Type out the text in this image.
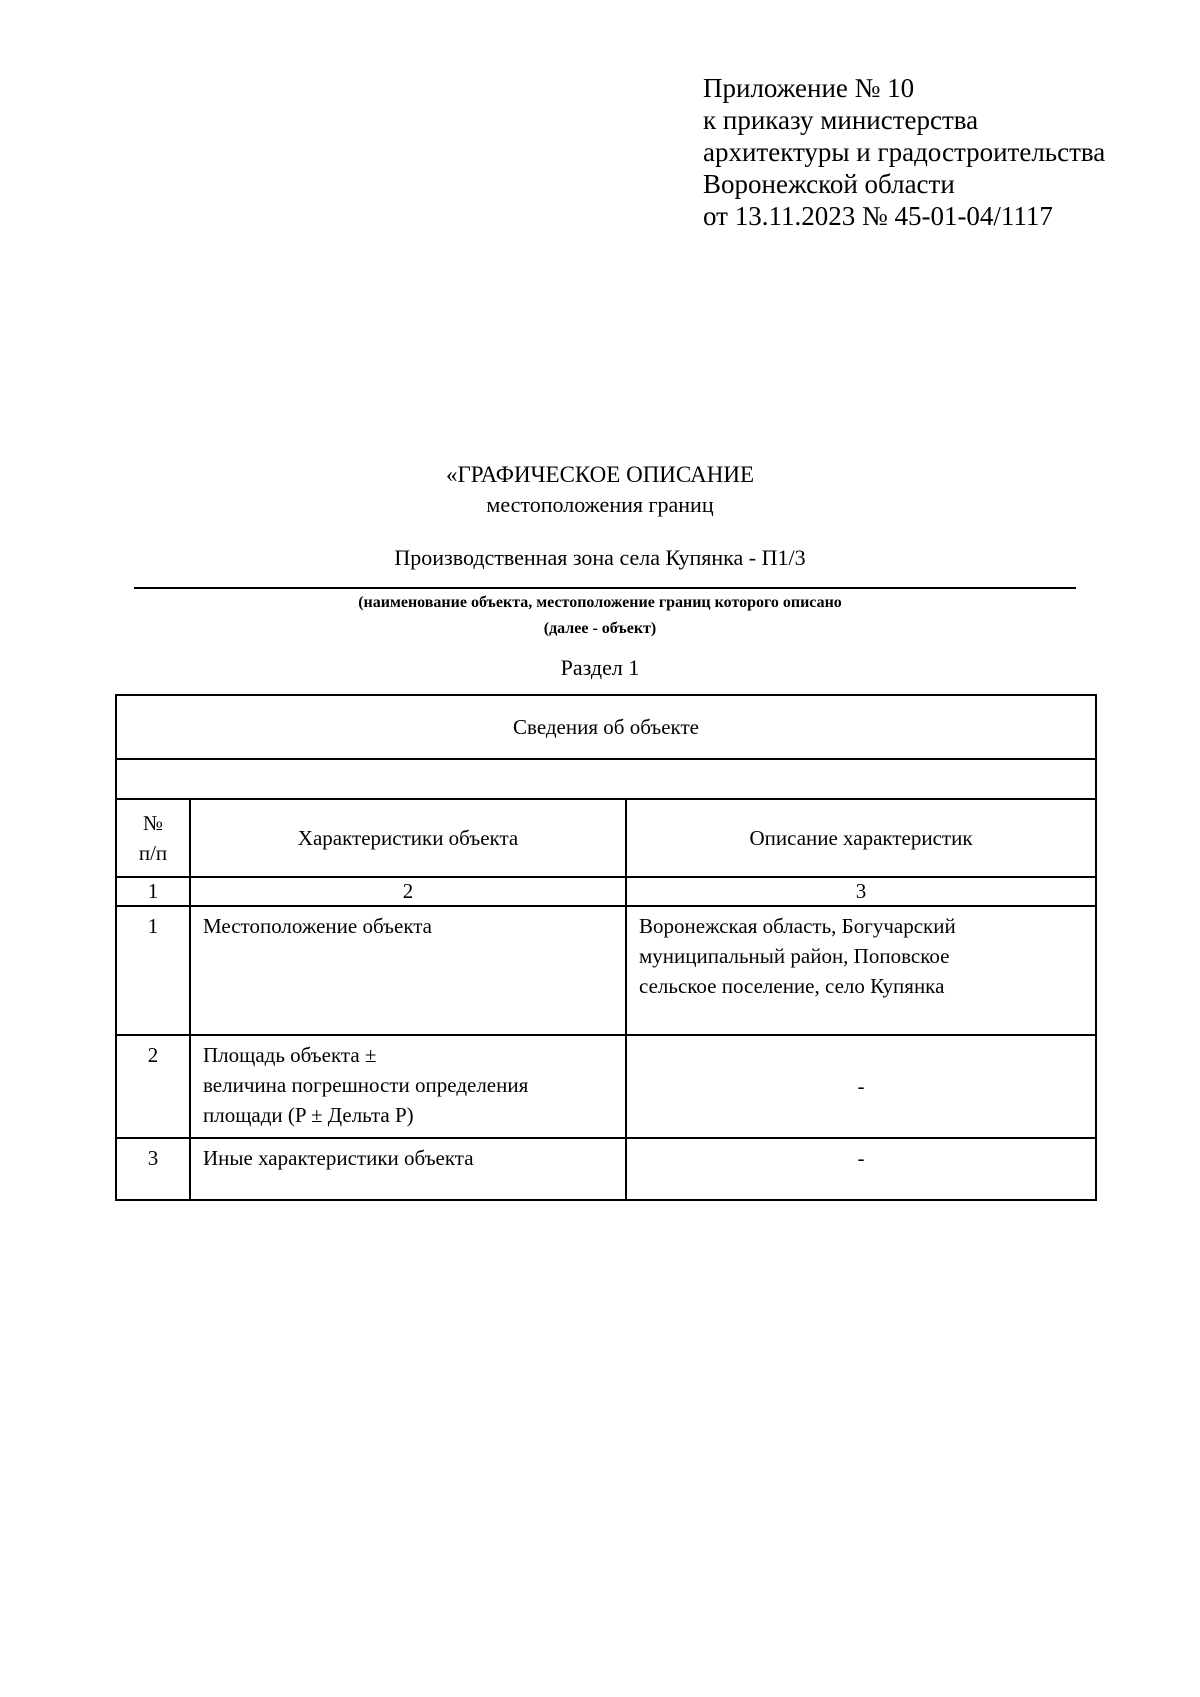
Приложение № 10
к приказу министерства
архитектуры и градостроительства
Воронежской области
от 13.11.2023 № 45-01-04/1117
«ГРАФИЧЕСКОЕ ОПИСАНИЕ
местоположения границ
Производственная зона села Купянка - П1/3
(наименование объекта, местоположение границ которого описано
(далее - объект)
Раздел 1
Сведения об объекте		

№
п/п	Характеристики объекта	Описание характеристик
1	2	3
1	Местоположение объекта	Воронежская область, Богучарский
муниципальный район, Поповское
сельское поселение, село Купянка

2	Площадь объекта ±
величина погрешности определения
площади (P ± Дельта P)	-
3	Иные характеристики объекта	-
